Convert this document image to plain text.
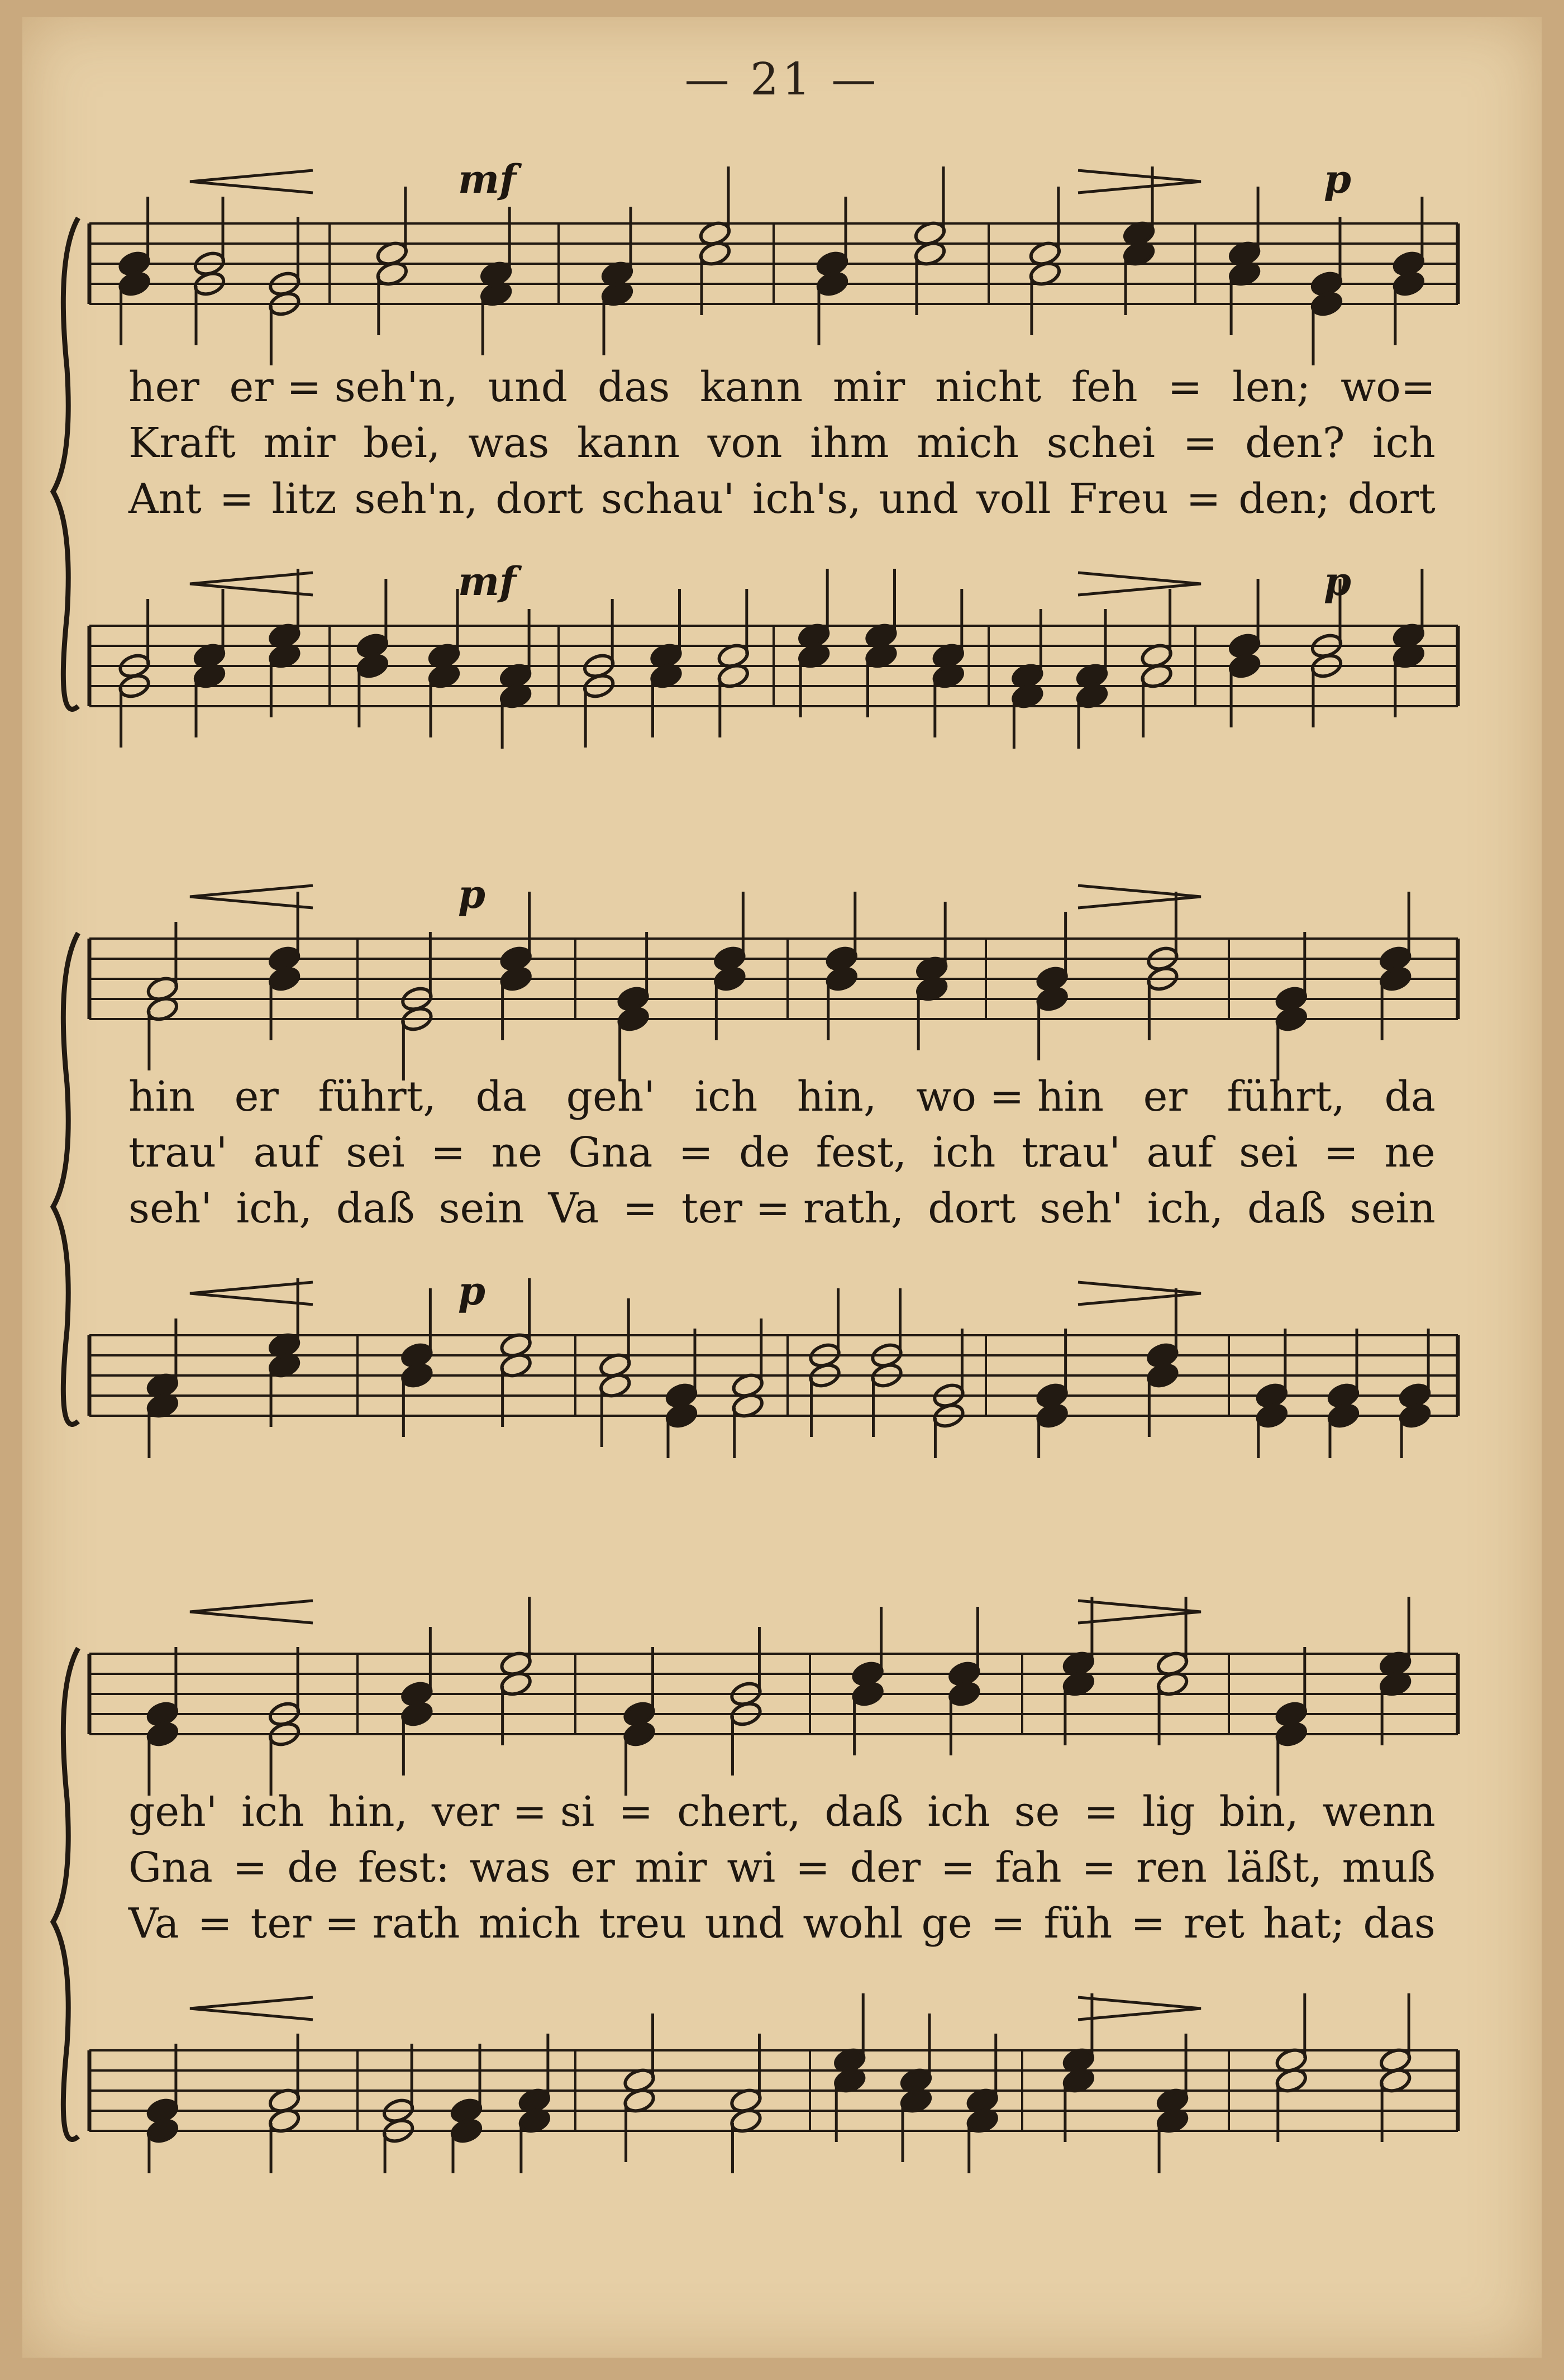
— 21 —
mf	p
her er = seh'n, und das kann mir nicht feh = len; wo=
Kraft mir bei, was kann von ihm mich schei = den? ich
Ant = litz seh'n, dort schau' ich's, und voll Freu = den; dort
mf	p
p
hin er führt, da geh' ich hin, wo = hin er führt, da
trau' auf sei = ne Gna = de fest, ich trau' auf sei = ne
seh' ich, daß sein Va = ter = rath, dort seh' ich, daß sein
p
geh' ich hin, ver = si = chert, daß ich se = lig bin, wenn
Gna = de fest: was er mir wi = der = fah = ren läßt, muß
Va = ter = rath mich treu und wohl ge = füh = ret hat; das
